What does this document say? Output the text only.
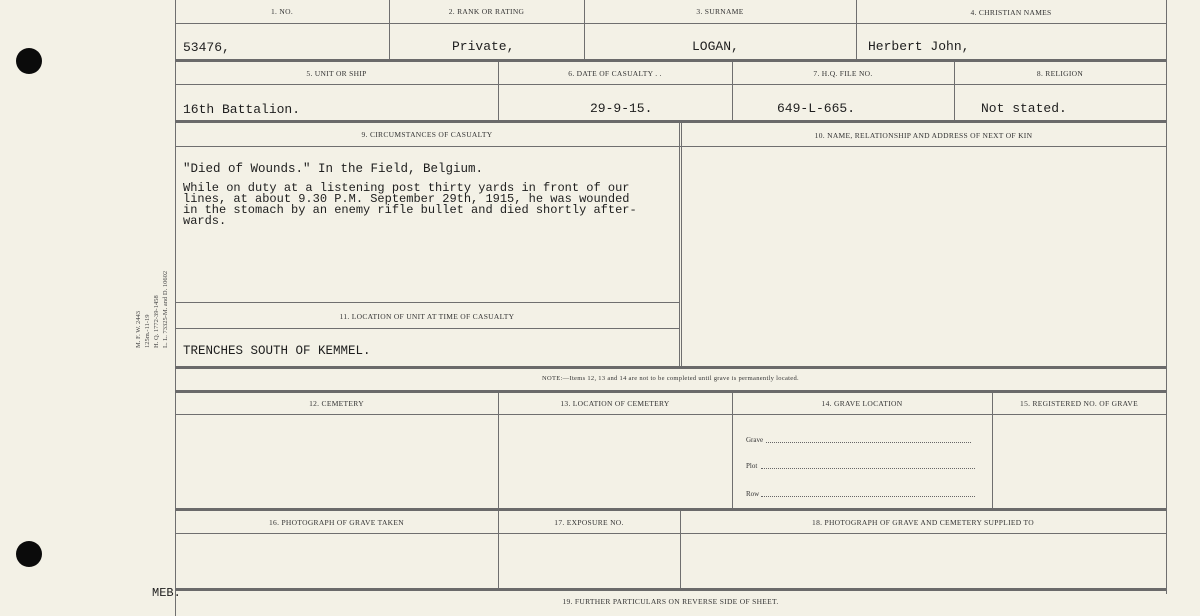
M. F. W. 2443 125m.-11-19 H. Q. 1772-39-1458 L. L. 73325-M. and D. 10602
1. NO.	2. RANK OR RATING	3. SURNAME	4. CHRISTIAN NAMES
53476,	Private,	LOGAN,	Herbert John,
5. UNIT OR SHIP	6. DATE OF CASUALTY . .	7. H.Q. FILE NO.	8. RELIGION
16th Battalion.	29-9-15.	649-L-665.	Not stated.
9. CIRCUMSTANCES OF CASUALTY	10. NAME, RELATIONSHIP AND ADDRESS OF NEXT OF KIN
"Died of Wounds." In the Field, Belgium.
While on duty at a listening post thirty yards in front of our
lines, at about 9.30 P.M. September 29th, 1915, he was wounded
in the stomach by an enemy rifle bullet and died shortly after-
wards.
11. LOCATION OF UNIT AT TIME OF CASUALTY
TRENCHES SOUTH OF KEMMEL.
NOTE:—Items 12, 13 and 14 are not to be completed until grave is permanently located.
12. CEMETERY	13. LOCATION OF CEMETERY	14. GRAVE LOCATION	15. REGISTERED NO. OF GRAVE
Grave
Plot
Row
16. PHOTOGRAPH OF GRAVE TAKEN	17. EXPOSURE NO.	18. PHOTOGRAPH OF GRAVE AND CEMETERY SUPPLIED TO
19. FURTHER PARTICULARS ON REVERSE SIDE OF SHEET.
MEB.
